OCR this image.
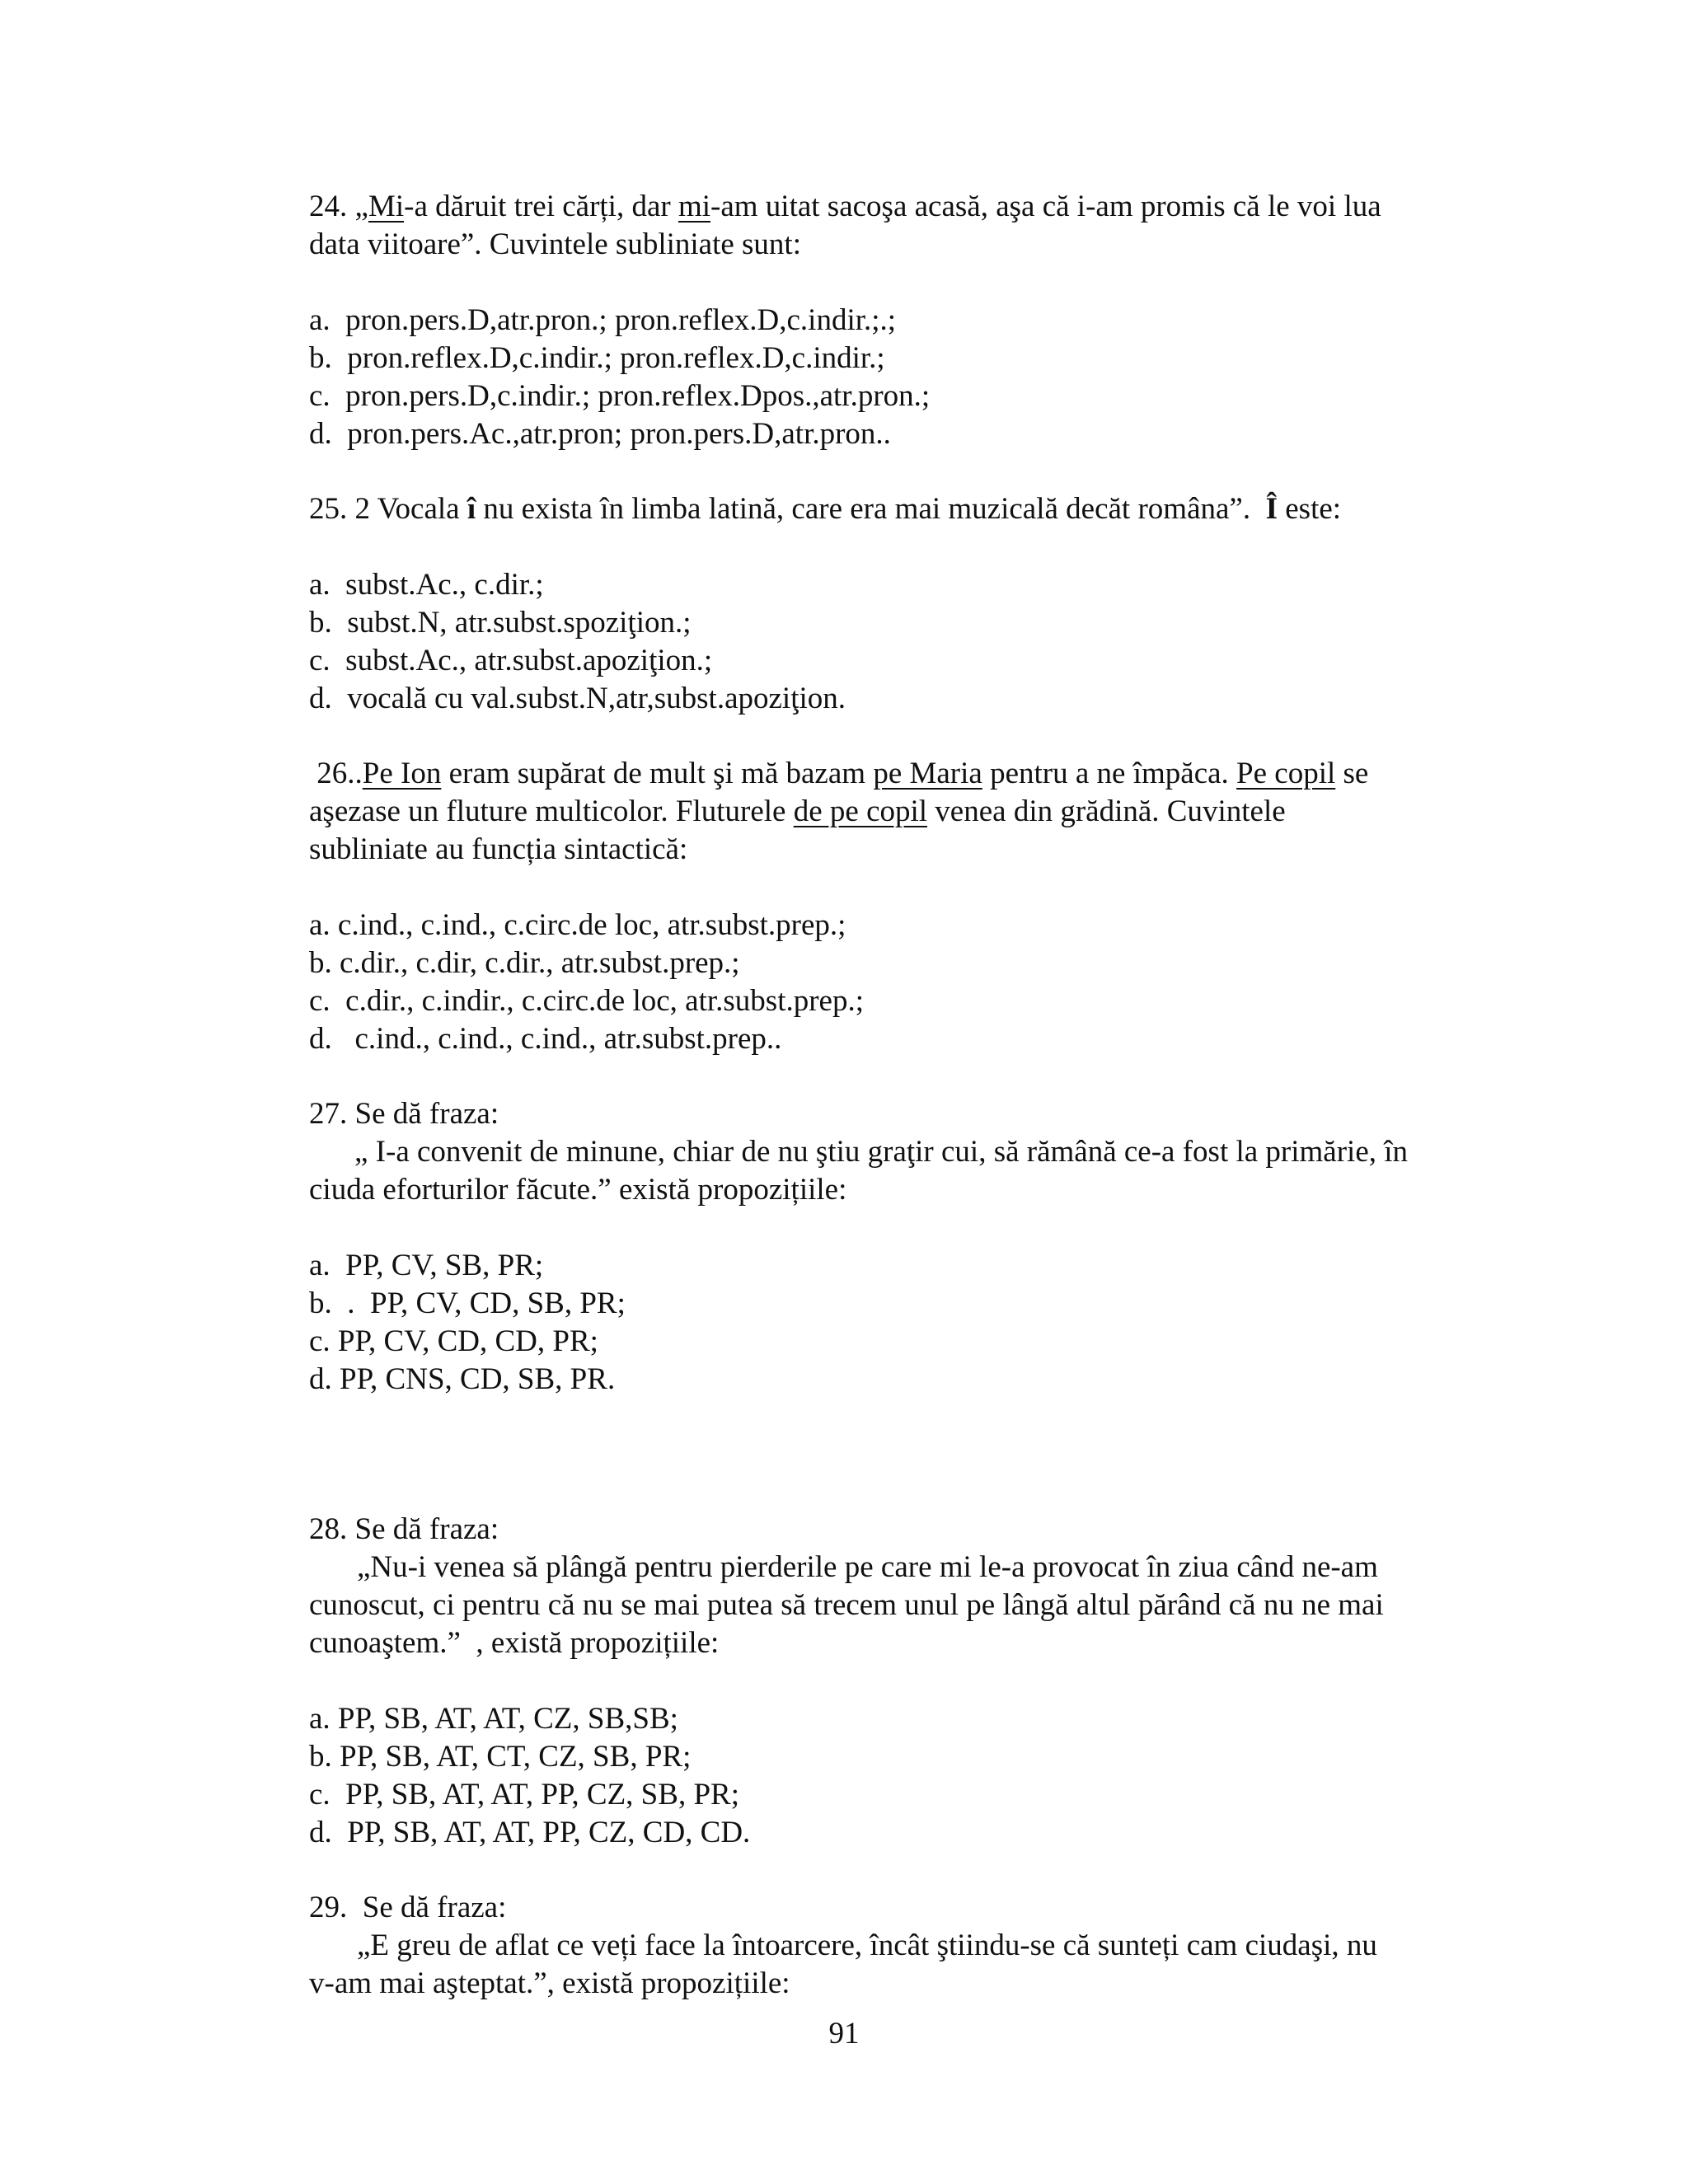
24. „Mi-a dăruit trei cărți, dar mi-am uitat sacoşa acasă, aşa că i-am promis că le voi lua
data viitoare”. Cuvintele subliniate sunt:
a.  pron.pers.D,atr.pron.; pron.reflex.D,c.indir.;.;
b.  pron.reflex.D,c.indir.; pron.reflex.D,c.indir.;
c.  pron.pers.D,c.indir.; pron.reflex.Dpos.,atr.pron.;
d.  pron.pers.Ac.,atr.pron; pron.pers.D,atr.pron..
25. 2 Vocala î nu exista în limba latină, care era mai muzicală decăt româna”.  Î este:
a.  subst.Ac., c.dir.;
b.  subst.N, atr.subst.spoziţion.;
c.  subst.Ac., atr.subst.apoziţion.;
d.  vocală cu val.subst.N,atr,subst.apoziţion.
26..Pe Ion eram supărat de mult şi mă bazam pe Maria pentru a ne împăca. Pe copil se
aşezase un fluture multicolor. Fluturele de pe copil venea din grădină. Cuvintele
subliniate au funcția sintactică:
a. c.ind., c.ind., c.circ.de loc, atr.subst.prep.;
b. c.dir., c.dir, c.dir., atr.subst.prep.;
c.  c.dir., c.indir., c.circ.de loc, atr.subst.prep.;
d.   c.ind., c.ind., c.ind., atr.subst.prep..
27. Se dă fraza:
„ I-a convenit de minune, chiar de nu ştiu graţir cui, să rămână ce-a fost la primărie, în
ciuda eforturilor făcute.” există propozițiile:
a.  PP, CV, SB, PR;
b.  .  PP, CV, CD, SB, PR;
c. PP, CV, CD, CD, PR;
d. PP, CNS, CD, SB, PR.
28. Se dă fraza:
„Nu-i venea să plângă pentru pierderile pe care mi le-a provocat în ziua când ne-am
cunoscut, ci pentru că nu se mai putea să trecem unul pe lângă altul părând că nu ne mai
cunoaştem.”  , există propozițiile:
a. PP, SB, AT, AT, CZ, SB,SB;
b. PP, SB, AT, CT, CZ, SB, PR;
c.  PP, SB, AT, AT, PP, CZ, SB, PR;
d.  PP, SB, AT, AT, PP, CZ, CD, CD.
29.  Se dă fraza:
„E greu de aflat ce veți face la întoarcere, încât ştiindu-se că sunteți cam ciudaşi, nu
v-am mai aşteptat.”, există propozițiile:
91
